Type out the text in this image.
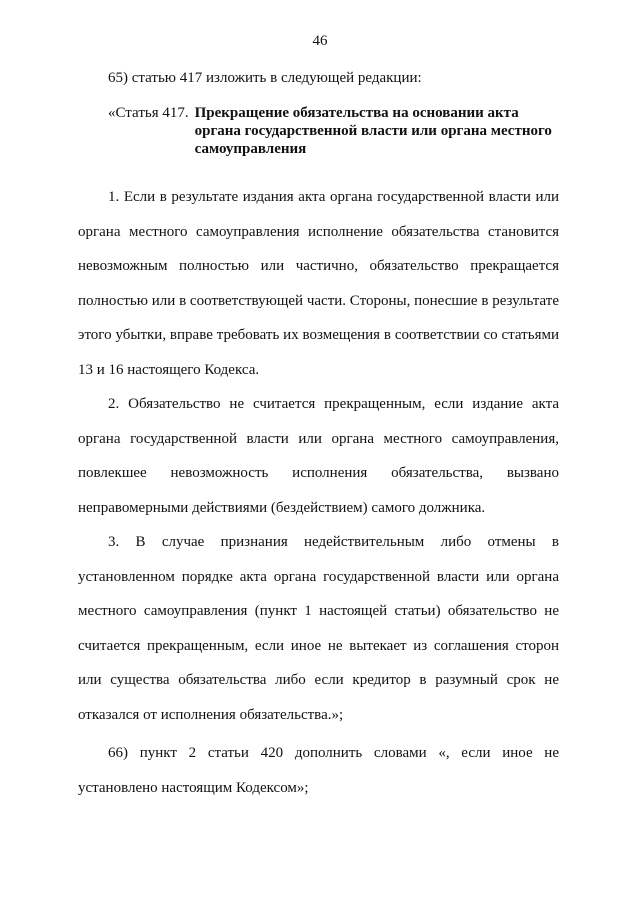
46

65) статью 417 изложить в следующей редакции:

«Статья 417. Прекращение обязательства на основании акта органа государственной власти или органа местного самоуправления

1. Если в результате издания акта органа государственной власти или органа местного самоуправления исполнение обязательства становится невозможным полностью или частично, обязательство прекращается полностью или в соответствующей части. Стороны, понесшие в результате этого убытки, вправе требовать их возмещения в соответствии со статьями 13 и 16 настоящего Кодекса.

2. Обязательство не считается прекращенным, если издание акта органа государственной власти или органа местного самоуправления, повлекшее невозможность исполнения обязательства, вызвано неправомерными действиями (бездействием) самого должника.

3. В случае признания недействительным либо отмены в установленном порядке акта органа государственной власти или органа местного самоуправления (пункт 1 настоящей статьи) обязательство не считается прекращенным, если иное не вытекает из соглашения сторон или существа обязательства либо если кредитор в разумный срок не отказался от исполнения обязательства.»;

66) пункт 2 статьи 420 дополнить словами «, если иное не установлено настоящим Кодексом»;
